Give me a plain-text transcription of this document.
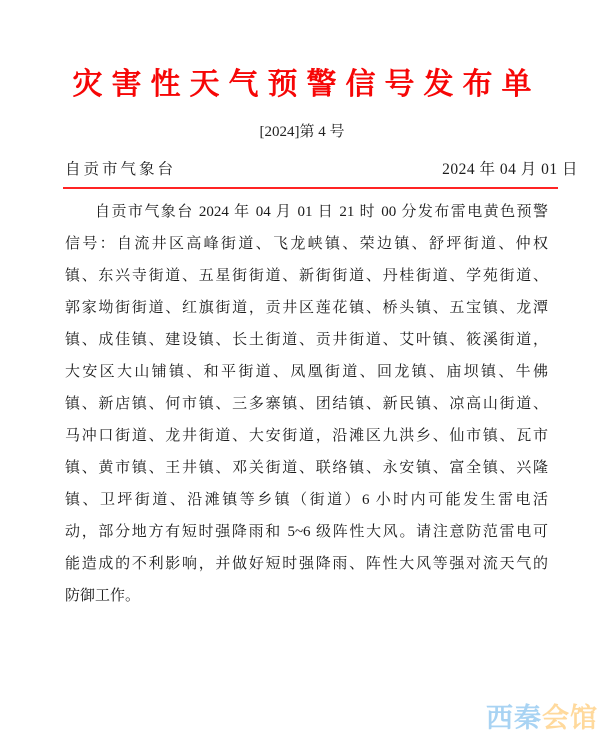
灾害性天气预警信号发布单
[2024]第 4 号
自贡市气象台	2024 年 04 月 01 日
自贡市气象台 2024 年 04 月 01 日 21 时 00 分发布雷电黄色预警
信号：自流井区高峰街道、飞龙峡镇、荣边镇、舒坪街道、仲权
镇、东兴寺街道、五星街街道、新街街道、丹桂街道、学苑街道、
郭家坳街街道、红旗街道，贡井区莲花镇、桥头镇、五宝镇、龙潭
镇、成佳镇、建设镇、长土街道、贡井街道、艾叶镇、筱溪街道，
大安区大山铺镇、和平街道、凤凰街道、回龙镇、庙坝镇、牛佛
镇、新店镇、何市镇、三多寨镇、团结镇、新民镇、凉高山街道、
马冲口街道、龙井街道、大安街道，沿滩区九洪乡、仙市镇、瓦市
镇、黄市镇、王井镇、邓关街道、联络镇、永安镇、富全镇、兴隆
镇、卫坪街道、沿滩镇等乡镇（街道）6 小时内可能发生雷电活
动，部分地方有短时强降雨和 5~6 级阵性大风。请注意防范雷电可
能造成的不利影响，并做好短时强降雨、阵性大风等强对流天气的
防御工作。
西秦会馆
